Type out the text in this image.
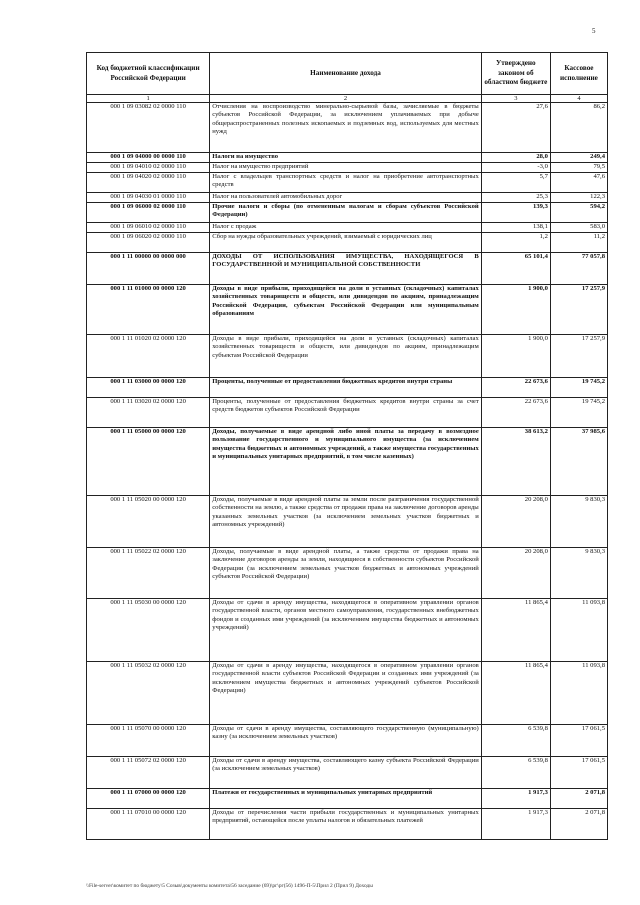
5
Код бюджетной классификации Российской Федерации	Наименование дохода	Утверждено законом об областном бюджете	Кассовое исполнение
1	2	3	4
000 1 09 03082 02 0000 110	Отчисления на воспроизводство минерально-сырьевой базы, зачисляемые в бюджеты субъектов Российской Федерации, за исключением уплачиваемых при добыче общераспространенных полезных ископаемых и подземных вод, используемых для местных нужд	27,6	86,2
000 1 09 04000 00 0000 110	Налоги на имущество	28,0	249,4
000 1 09 04010 02 0000 110	Налог на имущество предприятий	-3,0	79,5
000 1 09 04020 02 0000 110	Налог с владельцев транспортных средств и налог на приобретение автотранспортных средств	5,7	47,6
000 1 09 04030 01 0000 110	Налог на пользователей автомобильных дорог	25,3	122,3
000 1 09 06000 02 0000 110	Прочие налоги и сборы (по отмененным налогам и сборам субъектов Российской Федерации)	139,3	594,2
000 1 09 06010 02 0000 110	Налог с продаж	138,1	583,0
000 1 09 06020 02 0000 110	Сбор на нужды образовательных учреждений, взимаемый с юридических лиц	1,2	11,2
000 1 11 00000 00 0000 000	ДОХОДЫ ОТ ИСПОЛЬЗОВАНИЯ ИМУЩЕСТВА, НАХОДЯЩЕГОСЯ В ГОСУДАРСТВЕННОЙ И МУНИЦИПАЛЬНОЙ СОБСТВЕННОСТИ	65 101,4	77 057,8
000 1 11 01000 00 0000 120	Доходы в виде прибыли, приходящейся на доли в уставных (складочных) капиталах хозяйственных товариществ и обществ, или дивидендов по акциям, принадлежащим Российской Федерации, субъектам Российской Федерации или муниципальным образованиям	1 900,0	17 257,9
000 1 11 01020 02 0000 120	Доходы в виде прибыли, приходящейся на доли в уставных (складочных) капиталах хозяйственных товариществ и обществ, или дивидендов по акциям, принадлежащим субъектам Российской Федерации	1 900,0	17 257,9
000 1 11 03000 00 0000 120	Проценты, полученные от предоставления бюджетных кредитов внутри страны	22 673,6	19 745,2
000 1 11 03020 02 0000 120	Проценты, полученные от предоставления бюджетных кредитов внутри страны за счет средств бюджетов субъектов Российской Федерации	22 673,6	19 745,2
000 1 11 05000 00 0000 120	Доходы, получаемые в виде арендной либо иной платы за передачу в возмездное пользование государственного и муниципального имущества (за исключением имущества бюджетных и автономных учреждений, а также имущества государственных и муниципальных унитарных предприятий, в том числе казенных)	38 613,2	37 985,6
000 1 11 05020 00 0000 120	Доходы, получаемые в виде арендной платы за земли после разграничения государственной собственности на землю, а также средства от продажи права на заключение договоров аренды указанных земельных участков (за исключением земельных участков бюджетных и автономных учреждений)	20 208,0	9 830,3
000 1 11 05022 02 0000 120	Доходы, получаемые в виде арендной платы, а также средства от продажи права на заключение договоров аренды за земли, находящиеся в собственности субъектов Российской Федерации (за исключением земельных участков бюджетных и автономных учреждений субъектов Российской Федерации)	20 208,0	9 830,3
000 1 11 05030 00 0000 120	Доходы от сдачи в аренду имущества, находящегося в оперативном управлении органов государственной власти, органов местного самоуправления, государственных внебюджетных фондов и созданных ими учреждений (за исключением имущества бюджетных и автономных учреждений)	11 865,4	11 093,8
000 1 11 05032 02 0000 120	Доходы от сдачи в аренду имущества, находящегося в оперативном управлении органов государственной власти субъектов Российской Федерации и созданных ими учреждений (за исключением имущества бюджетных и автономных учреждений субъектов Российской Федерации)	11 865,4	11 093,8
000 1 11 05070 00 0000 120	Доходы от сдачи в аренду имущества, составляющего государственную (муниципальную) казну (за исключением земельных участков)	6 539,8	17 061,5
000 1 11 05072 02 0000 120	Доходы от сдачи в аренду имущества, составляющего казну субъекта Российской Федерации (за исключением земельных участков)	6 539,8	17 061,5
000 1 11 07000 00 0000 120	Платежи от государственных и муниципальных унитарных предприятий	1 917,3	2 071,8
000 1 11 07010 00 0000 120	Доходы от перечисления части прибыли государственных и муниципальных унитарных предприятий, остающейся после уплаты налогов и обязательных платежей	1 917,3	2 071,8
\\File-server\комитет по бюджету\5 Созыв\документы комитета\56 заседание (69)\рг\рг(56) 1496-П-5\Прил 2 (Прил 9) Доходы
